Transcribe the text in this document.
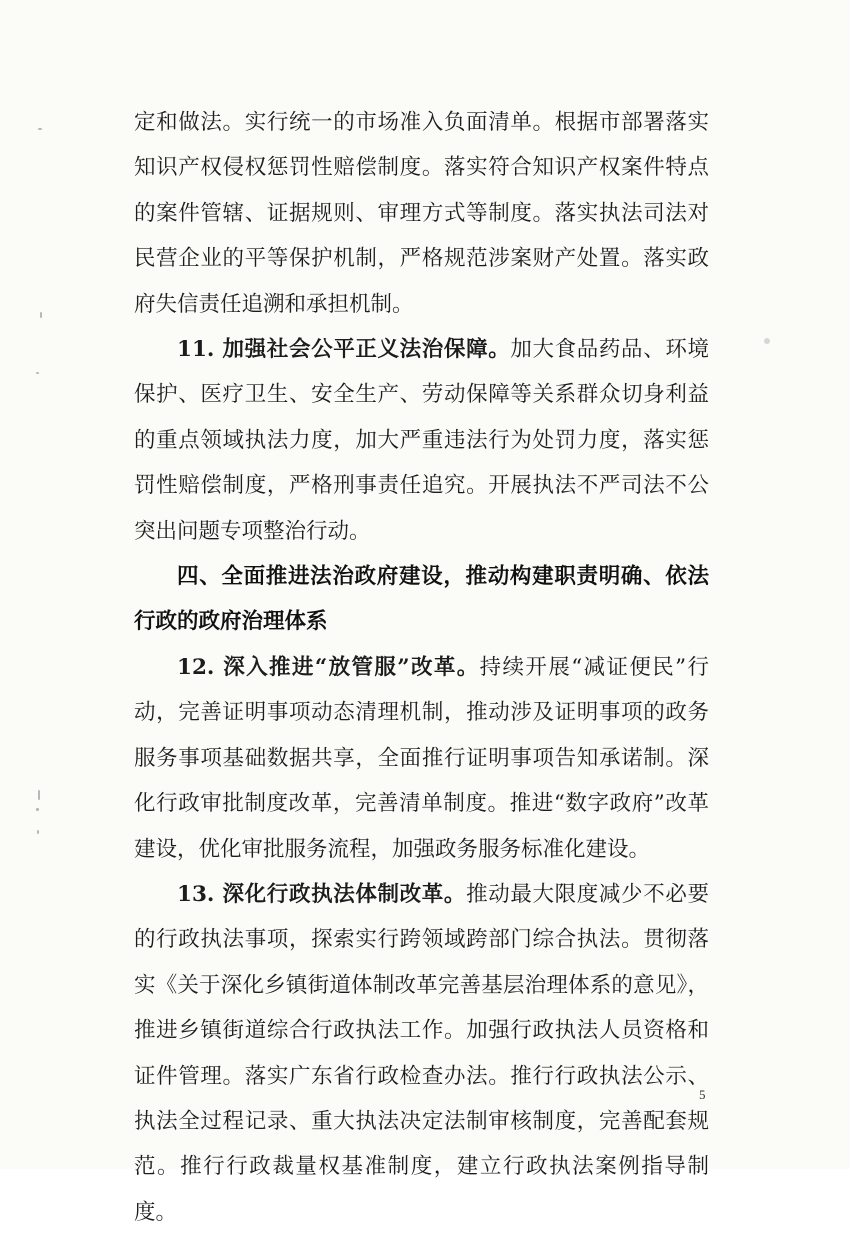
定和做法。实行统一的市场准入负面清单。根据市部署落实知识产权侵权惩罚性赔偿制度。落实符合知识产权案件特点的案件管辖、证据规则、审理方式等制度。落实执法司法对民营企业的平等保护机制，严格规范涉案财产处置。落实政府失信责任追溯和承担机制。

11. 加强社会公平正义法治保障。加大食品药品、环境保护、医疗卫生、安全生产、劳动保障等关系群众切身利益的重点领域执法力度，加大严重违法行为处罚力度，落实惩罚性赔偿制度，严格刑事责任追究。开展执法不严司法不公突出问题专项整治行动。

四、全面推进法治政府建设，推动构建职责明确、依法行政的政府治理体系

12. 深入推进“放管服”改革。持续开展“减证便民”行动，完善证明事项动态清理机制，推动涉及证明事项的政务服务事项基础数据共享，全面推行证明事项告知承诺制。深化行政审批制度改革，完善清单制度。推进“数字政府”改革建设，优化审批服务流程，加强政务服务标准化建设。

13. 深化行政执法体制改革。推动最大限度减少不必要的行政执法事项，探索实行跨领域跨部门综合执法。贯彻落实《关于深化乡镇街道体制改革完善基层治理体系的意见》，推进乡镇街道综合行政执法工作。加强行政执法人员资格和证件管理。落实广东省行政检查办法。推行行政执法公示、执法全过程记录、重大执法决定法制审核制度，完善配套规范。推行行政裁量权基准制度，建立行政执法案例指导制度。

5
